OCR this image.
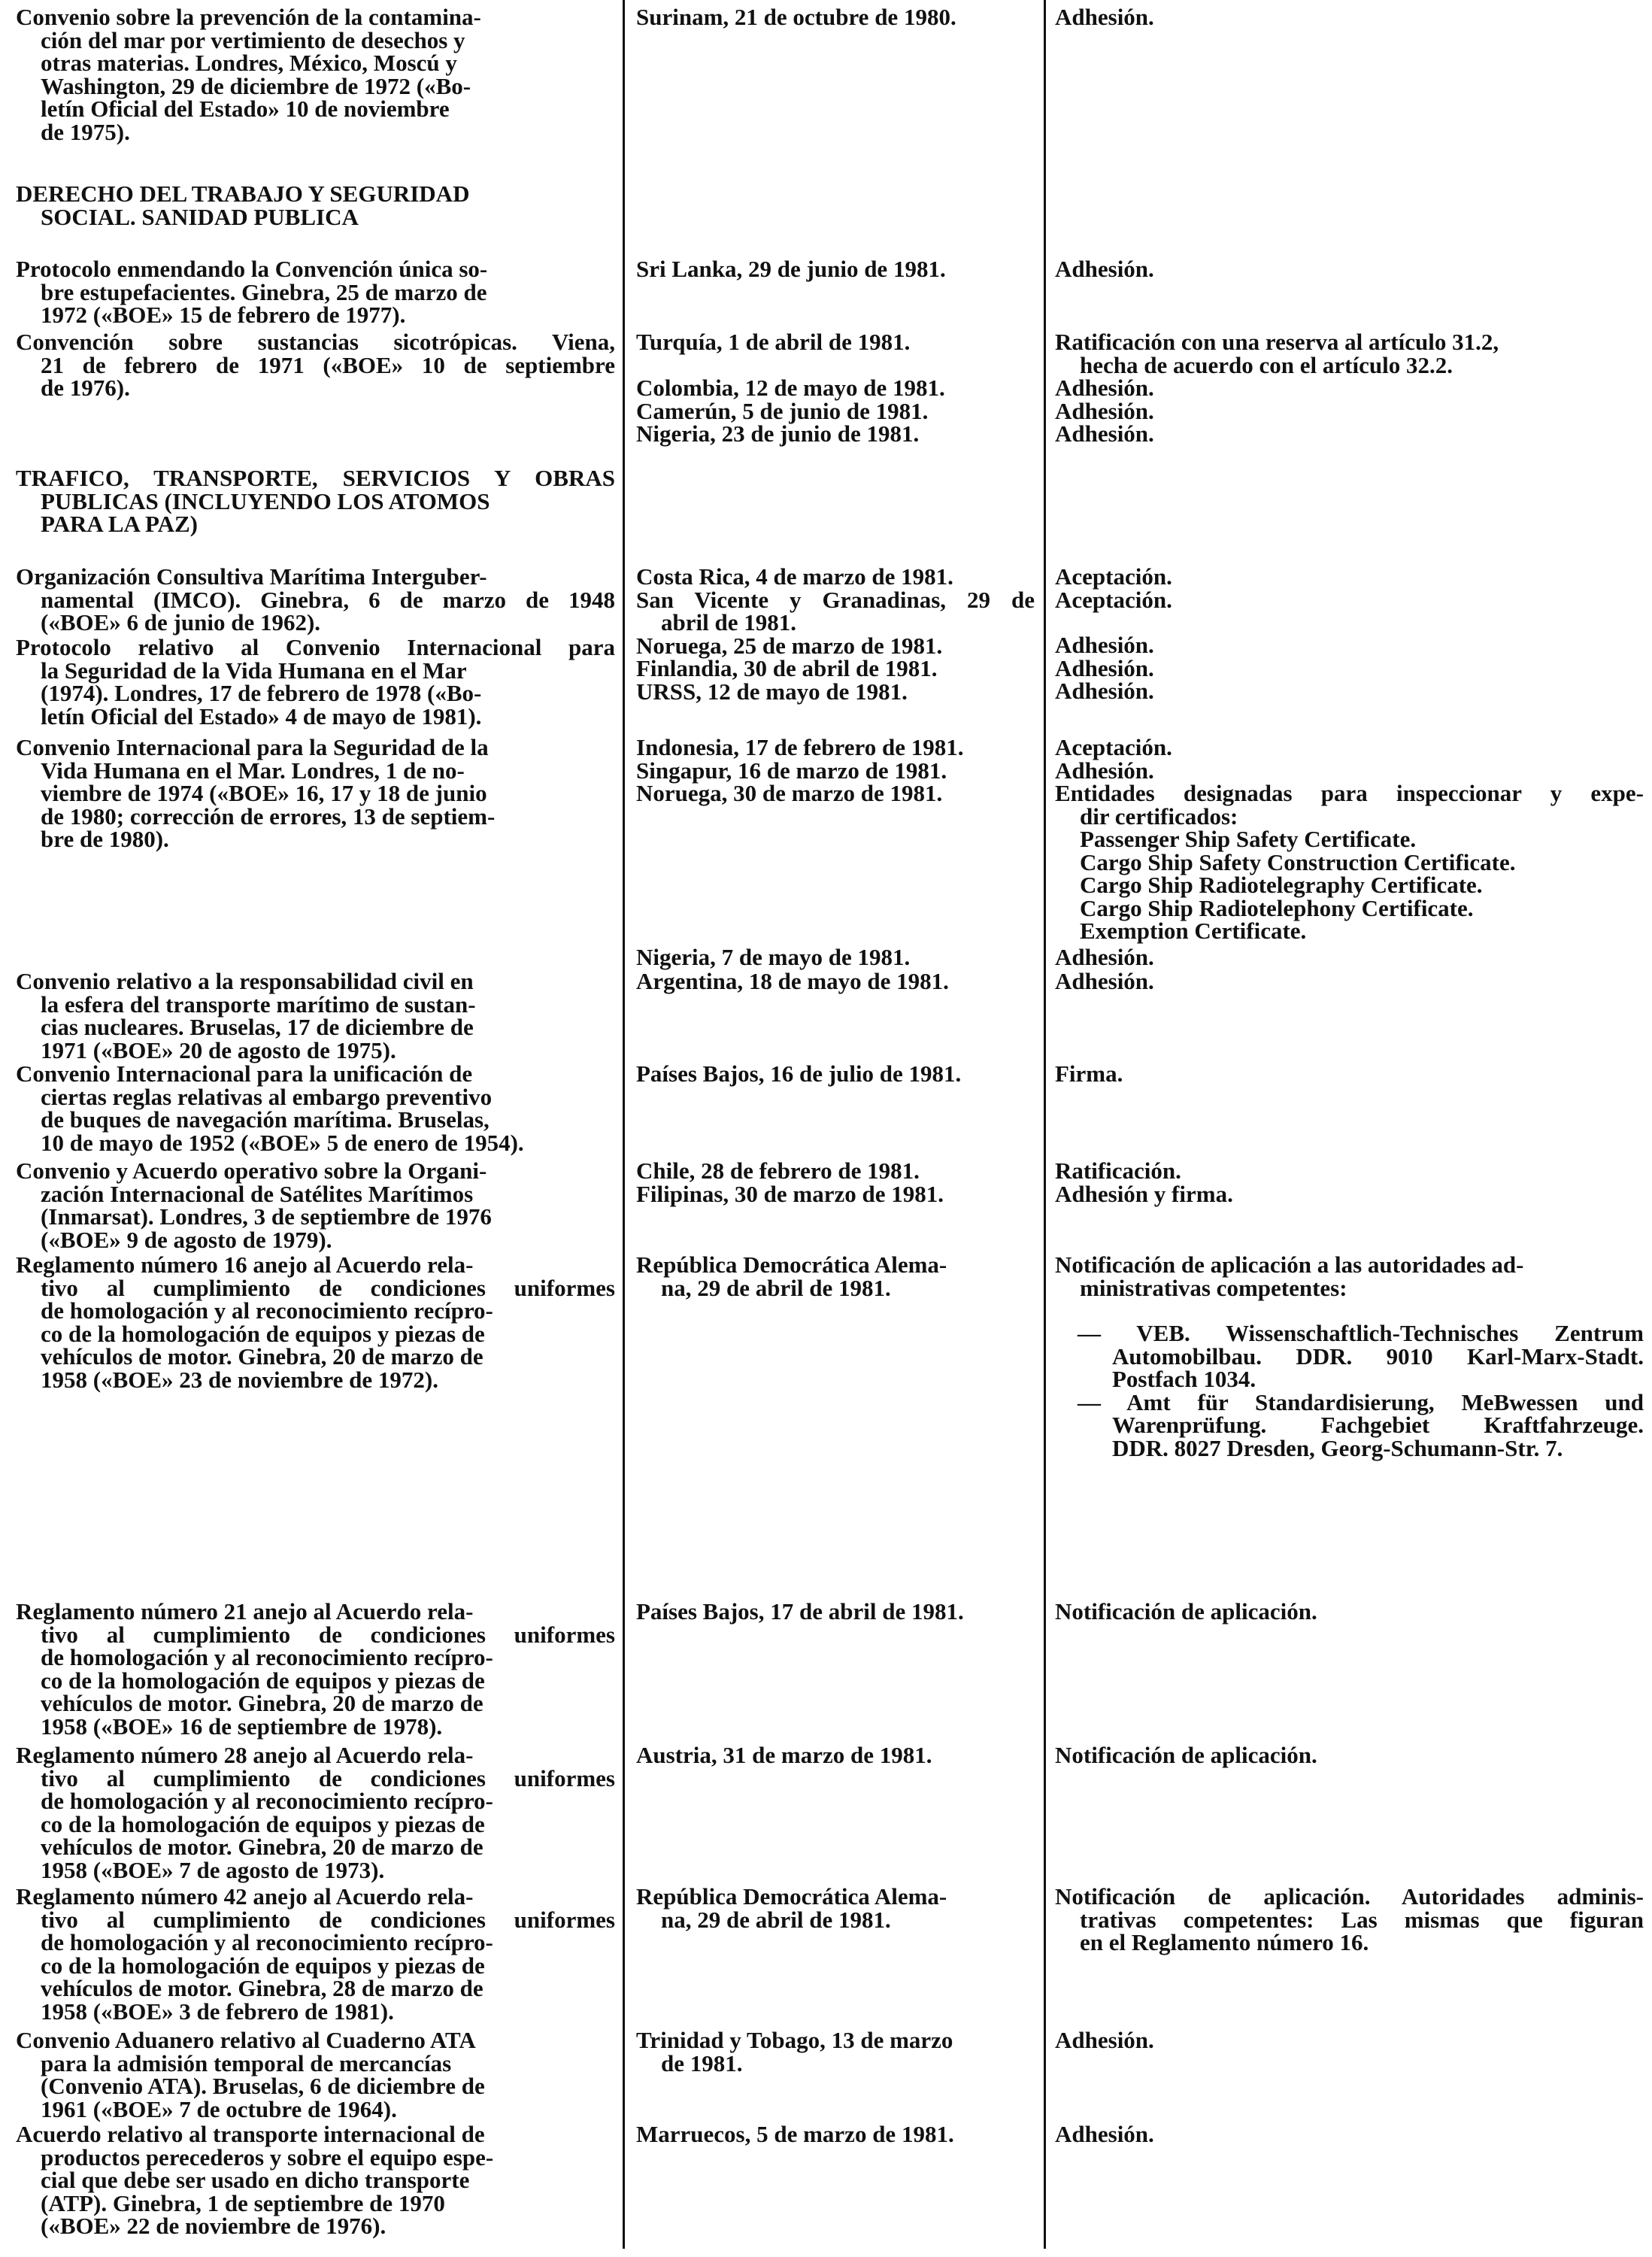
Convenio sobre la prevención de la contamina-
ción del mar por vertimiento de desechos y
otras materias. Londres, México, Moscú y
Washington, 29 de diciembre de 1972 («Bo-
letín Oficial del Estado» 10 de noviembre
de 1975).
DERECHO DEL TRABAJO Y SEGURIDAD
SOCIAL. SANIDAD PUBLICA
Protocolo enmendando la Convención única so-
bre estupefacientes. Ginebra, 25 de marzo de
1972 («BOE» 15 de febrero de 1977).
Convención sobre sustancias sicotrópicas. Viena,
21 de febrero de 1971 («BOE» 10 de septiembre
de 1976).
TRAFICO, TRANSPORTE, SERVICIOS Y OBRAS
PUBLICAS (INCLUYENDO LOS ATOMOS
PARA LA PAZ)
Organización Consultiva Marítima Interguber-
namental (IMCO). Ginebra, 6 de marzo de 1948
(«BOE» 6 de junio de 1962).
Protocolo relativo al Convenio Internacional para
la Seguridad de la Vida Humana en el Mar
(1974). Londres, 17 de febrero de 1978 («Bo-
letín Oficial del Estado» 4 de mayo de 1981).
Convenio Internacional para la Seguridad de la
Vida Humana en el Mar. Londres, 1 de no-
viembre de 1974 («BOE» 16, 17 y 18 de junio
de 1980; corrección de errores, 13 de septiem-
bre de 1980).
Convenio relativo a la responsabilidad civil en
la esfera del transporte marítimo de sustan-
cias nucleares. Bruselas, 17 de diciembre de
1971 («BOE» 20 de agosto de 1975).
Convenio Internacional para la unificación de
ciertas reglas relativas al embargo preventivo
de buques de navegación marítima. Bruselas,
10 de mayo de 1952 («BOE» 5 de enero de 1954).
Convenio y Acuerdo operativo sobre la Organi-
zación Internacional de Satélites Marítimos
(Inmarsat). Londres, 3 de septiembre de 1976
(«BOE» 9 de agosto de 1979).
Reglamento número 16 anejo al Acuerdo rela-
tivo al cumplimiento de condiciones uniformes
de homologación y al reconocimiento recípro-
co de la homologación de equipos y piezas de
vehículos de motor. Ginebra, 20 de marzo de
1958 («BOE» 23 de noviembre de 1972).
Reglamento número 21 anejo al Acuerdo rela-
tivo al cumplimiento de condiciones uniformes
de homologación y al reconocimiento recípro-
co de la homologación de equipos y piezas de
vehículos de motor. Ginebra, 20 de marzo de
1958 («BOE» 16 de septiembre de 1978).
Reglamento número 28 anejo al Acuerdo rela-
tivo al cumplimiento de condiciones uniformes
de homologación y al reconocimiento recípro-
co de la homologación de equipos y piezas de
vehículos de motor. Ginebra, 20 de marzo de
1958 («BOE» 7 de agosto de 1973).
Reglamento número 42 anejo al Acuerdo rela-
tivo al cumplimiento de condiciones uniformes
de homologación y al reconocimiento recípro-
co de la homologación de equipos y piezas de
vehículos de motor. Ginebra, 28 de marzo de
1958 («BOE» 3 de febrero de 1981).
Convenio Aduanero relativo al Cuaderno ATA
para la admisión temporal de mercancías
(Convenio ATA). Bruselas, 6 de diciembre de
1961 («BOE» 7 de octubre de 1964).
Acuerdo relativo al transporte internacional de
productos perecederos y sobre el equipo espe-
cial que debe ser usado en dicho transporte
(ATP). Ginebra, 1 de septiembre de 1970
(«BOE» 22 de noviembre de 1976).
Surinam, 21 de octubre de 1980.
Sri Lanka, 29 de junio de 1981.
Turquía, 1 de abril de 1981.
Colombia, 12 de mayo de 1981.
Camerún, 5 de junio de 1981.
Nigeria, 23 de junio de 1981.
Costa Rica, 4 de marzo de 1981.
San Vicente y Granadinas, 29 de
abril de 1981.
Noruega, 25 de marzo de 1981.
Finlandia, 30 de abril de 1981.
URSS, 12 de mayo de 1981.
Indonesia, 17 de febrero de 1981.
Singapur, 16 de marzo de 1981.
Noruega, 30 de marzo de 1981.
Nigeria, 7 de mayo de 1981.
Argentina, 18 de mayo de 1981.
Países Bajos, 16 de julio de 1981.
Chile, 28 de febrero de 1981.
Filipinas, 30 de marzo de 1981.
República Democrática Alema-
na, 29 de abril de 1981.
Países Bajos, 17 de abril de 1981.
Austria, 31 de marzo de 1981.
República Democrática Alema-
na, 29 de abril de 1981.
Trinidad y Tobago, 13 de marzo
de 1981.
Marruecos, 5 de marzo de 1981.
Adhesión.
Adhesión.
Ratificación con una reserva al artículo 31.2,
hecha de acuerdo con el artículo 32.2.
Adhesión.
Adhesión.
Adhesión.
Aceptación.
Aceptación.
Adhesión.
Adhesión.
Adhesión.
Aceptación.
Adhesión.
Entidades designadas para inspeccionar y expe-
dir certificados:
Passenger Ship Safety Certificate.
Cargo Ship Safety Construction Certificate.
Cargo Ship Radiotelegraphy Certificate.
Cargo Ship Radiotelephony Certificate.
Exemption Certificate.
Adhesión.
Adhesión.
Firma.
Ratificación.
Adhesión y firma.
Notificación de aplicación a las autoridades ad-
ministrativas competentes:
— VEB. Wissenschaftlich-Technisches Zentrum
Automobilbau. DDR. 9010 Karl-Marx-Stadt.
Postfach 1034.
— Amt für Standardisierung, MeBwessen und
Warenprüfung. Fachgebiet Kraftfahrzeuge.
DDR. 8027 Dresden, Georg-Schumann-Str. 7.
Notificación de aplicación.
Notificación de aplicación.
Notificación de aplicación. Autoridades adminis-
trativas competentes: Las mismas que figuran
en el Reglamento número 16.
Adhesión.
Adhesión.
